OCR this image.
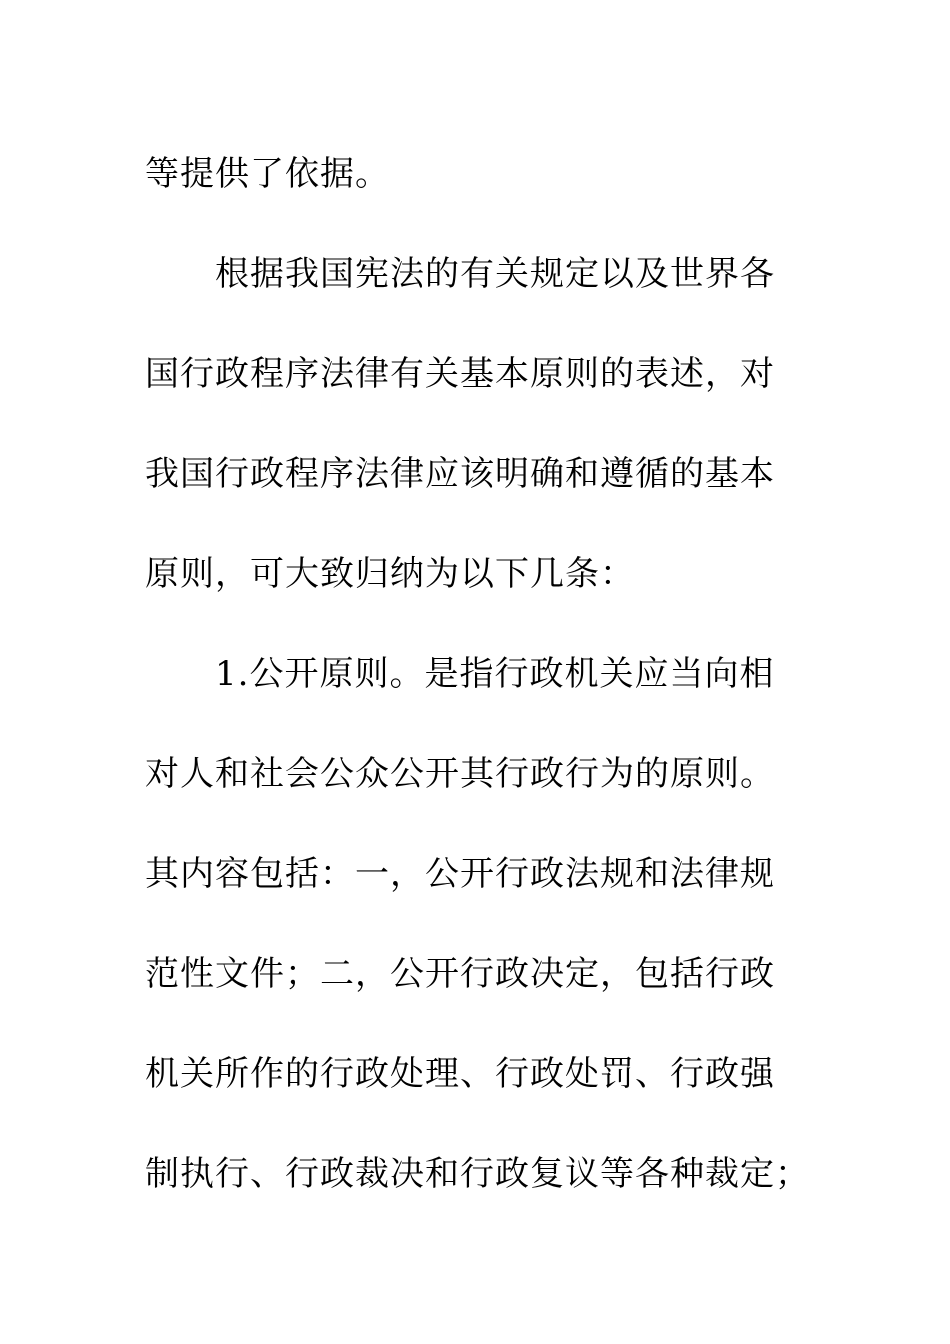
等提供了依据。
根据我国宪法的有关规定以及世界各
国行政程序法律有关基本原则的表述，对
我国行政程序法律应该明确和遵循的基本
原则，可大致归纳为以下几条：
1.公开原则。是指行政机关应当向相
对人和社会公众公开其行政行为的原则。
其内容包括：一，公开行政法规和法律规
范性文件；二，公开行政决定，包括行政
机关所作的行政处理、行政处罚、行政强
制执行、行政裁决和行政复议等各种裁定；
